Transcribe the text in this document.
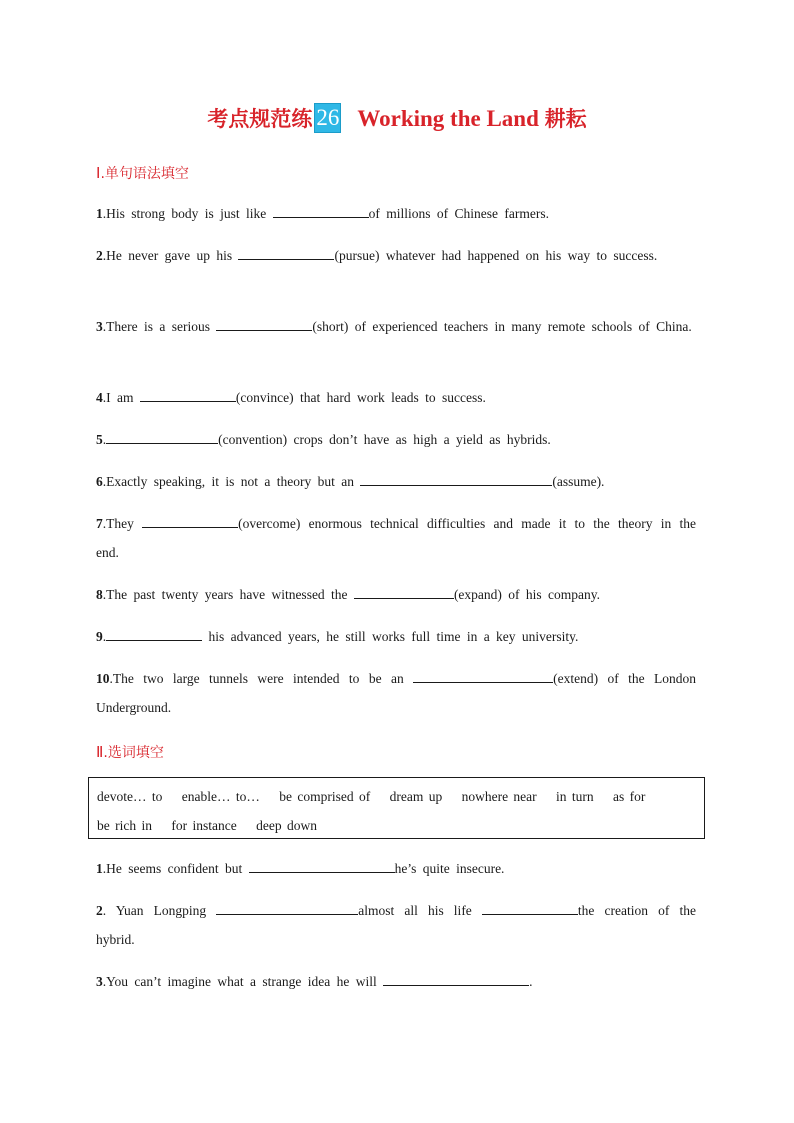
考点规范练 26 Working the Land 耕耘
Ⅰ.单句语法填空
1.His strong body is just like	of millions of Chinese farmers.
2.He never gave up his	(pursue) whatever had happened on his way to success.
3.There is a serious	(short) of experienced teachers in many remote schools of China.
4.I am	(convince) that hard work leads to success.
5.	(convention) crops don’t have as high a yield as hybrids.
6.Exactly speaking, it is not a theory but an	(assume).
7.They	(overcome) enormous technical difficulties and made it to the theory in the end.
8.The past twenty years have witnessed the	(expand) of his company.
9.	his advanced years, he still works full time in a key university.
10.The two large tunnels were intended to be an	(extend) of the London Underground.
Ⅱ.选词填空
devote… to enable… to… be comprised of dream up nowhere near in turn as for
be rich in for instance deep down
1.He seems confident but	he’s quite insecure.
2. Yuan Longping	almost all his life	the creation of the hybrid.
3.You can’t imagine what a strange idea he will	.
